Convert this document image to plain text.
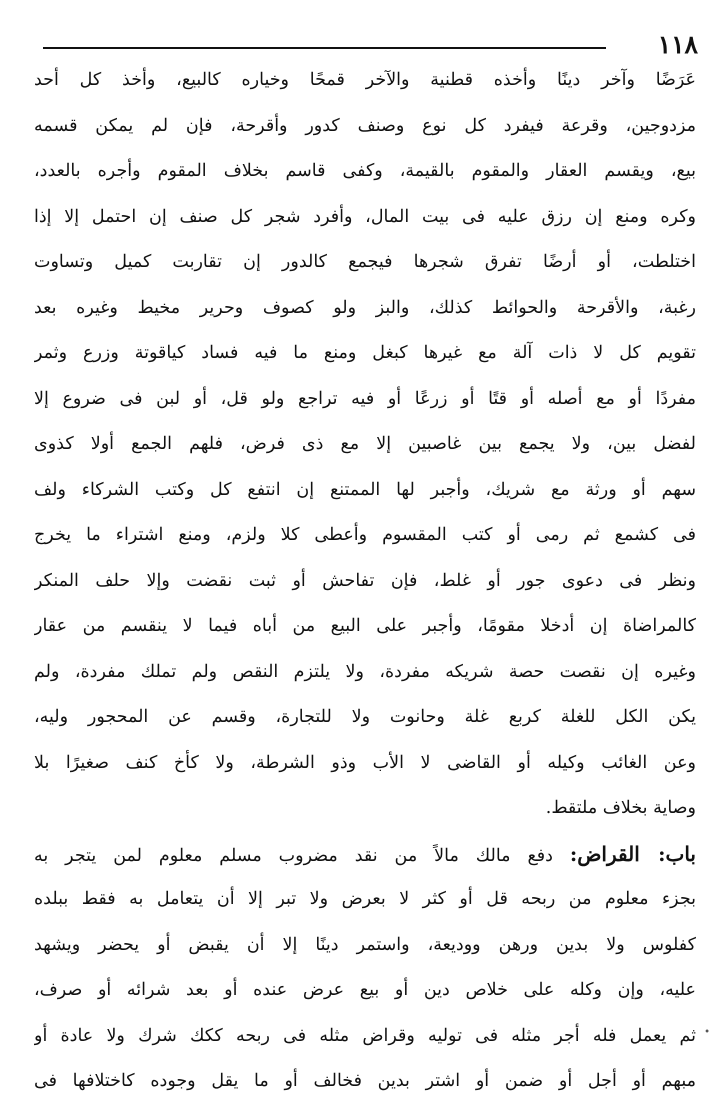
١١٨
عَرَضًا وآخر دينًا وأخذه قطنية والآخر قمحًا وخياره كالبيع، وأخذ كل أحد
مزدوجين، وقرعة فيفرد كل نوع وصنف كدور وأقرحة، فإن لم يمكن قسمه
بيع، ويقسم العقار والمقوم بالقيمة، وكفى قاسم بخلاف المقوم وأجره بالعدد،
وكره ومنع إن رزق عليه فى بيت المال، وأفرد شجر كل صنف إن احتمل إلا إذا
اختلطت، أو أرضًا تفرق شجرها فيجمع كالدور إن تقاربت كميل وتساوت
رغبة، والأقرحة والحوائط كذلك، والبز ولو كصوف وحرير مخيط وغيره بعد
تقويم كل لا ذات آلة مع غيرها كبغل ومنع ما فيه فساد كياقوتة وزرع وثمر
مفردًا أو مع أصله أو قتًا أو زرعًا أو فيه تراجع ولو قل، أو لبن فى ضروع إلا
لفضل بين، ولا يجمع بين غاصبين إلا مع ذى فرض، فلهم الجمع أولا كذوى
سهم أو ورثة مع شريك، وأجبر لها الممتنع إن انتفع كل وكتب الشركاء ولف
فى كشمع ثم رمى أو كتب المقسوم وأعطى كلا ولزم، ومنع اشتراء ما يخرج
ونظر فى دعوى جور أو غلط، فإن تفاحش أو ثبت نقضت وإلا حلف المنكر
كالمراضاة إن أدخلا مقومًا، وأجبر على البيع من أباه فيما لا ينقسم من عقار
وغيره إن نقصت حصة شريكه مفردة، ولا يلتزم النقص ولم تملك مفردة، ولم
يكن الكل للغلة كربع غلة وحانوت ولا للتجارة، وقسم عن المحجور وليه،
وعن الغائب وكيله أو القاضى لا الأب وذو الشرطة، ولا كأخ كنف صغيرًا بلا
وصاية بخلاف ملتقط.
باب: القراض: دفع مالك مالاً من نقد مضروب مسلم معلوم لمن يتجر به
بجزء معلوم من ربحه قل أو كثر لا بعرض ولا تبر إلا أن يتعامل به فقط ببلده
كفلوس ولا بدين ورهن ووديعة، واستمر دينًا إلا أن يقبض أو يحضر ويشهد
عليه، وإن وكله على خلاص دين أو بيع عرض عنده أو بعد شرائه أو صرف،
ثم يعمل فله أجر مثله فى توليه وقراض مثله فى ربحه ككك شرك ولا عادة أو
مبهم أو أجل أو ضمن أو اشتر بدين فخالف أو ما يقل وجوده كاختلافها فى
•
